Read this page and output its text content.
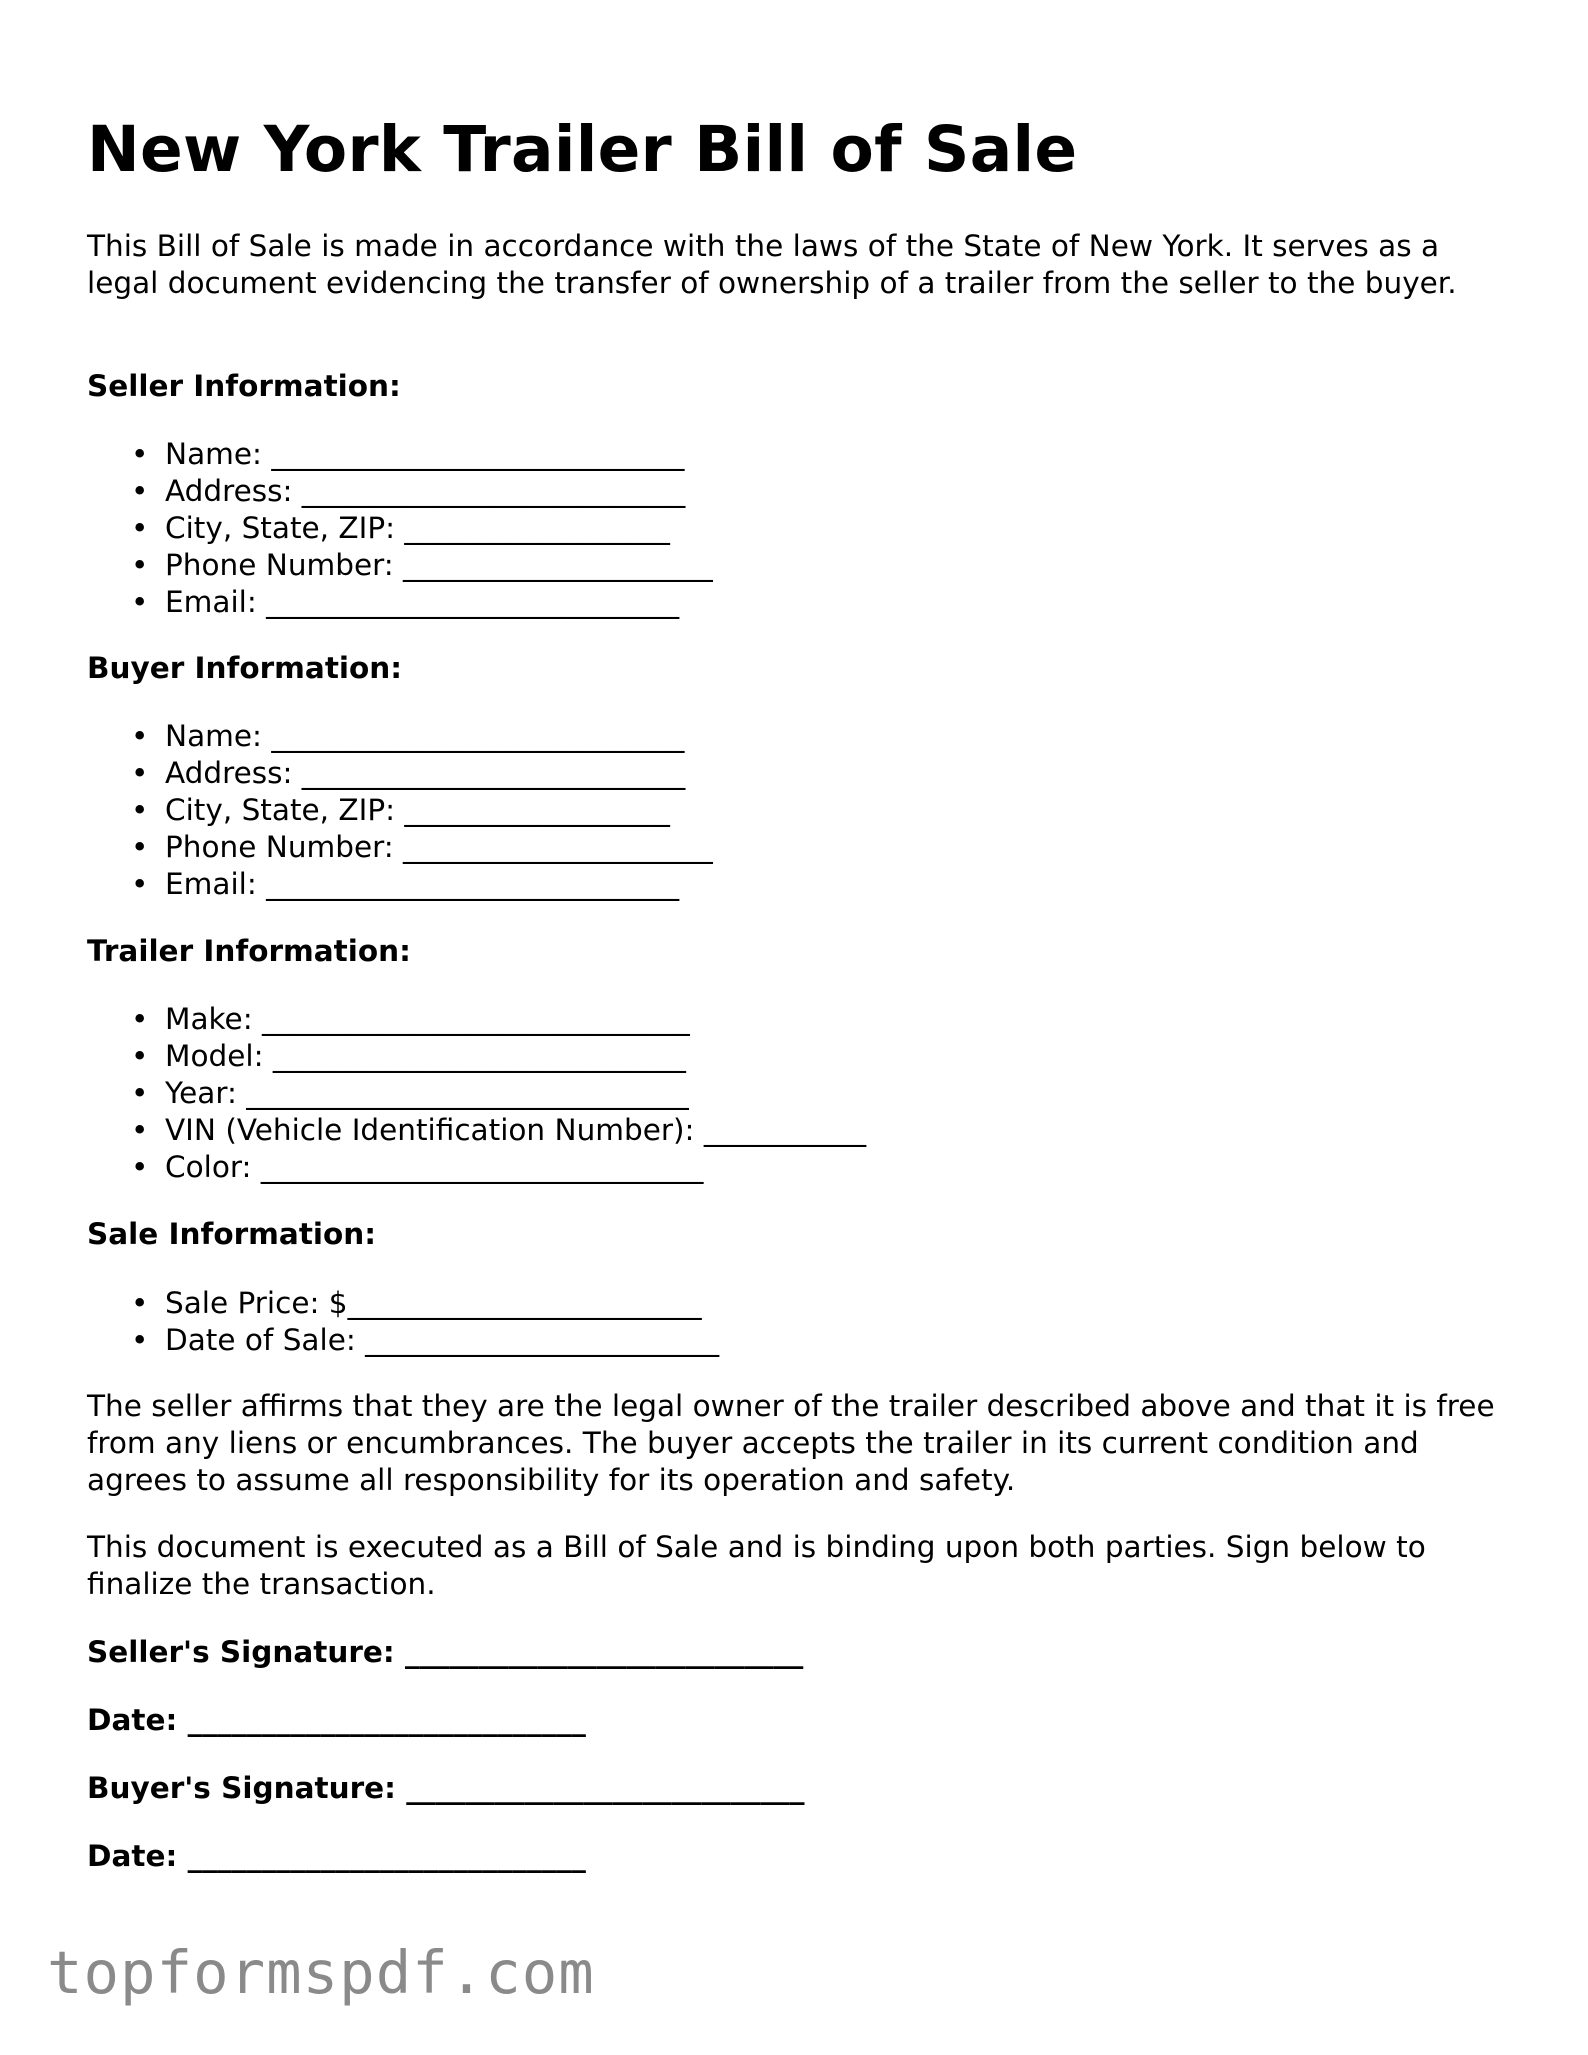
New York Trailer Bill of Sale

This Bill of Sale is made in accordance with the laws of the State of New York. It serves as a legal document evidencing the transfer of ownership of a trailer from the seller to the buyer.

Seller Information:

• Name: ____________________________
• Address: __________________________
• City, State, ZIP: __________________
• Phone Number: _____________________
• Email: ____________________________

Buyer Information:

• Name: ____________________________
• Address: __________________________
• City, State, ZIP: __________________
• Phone Number: _____________________
• Email: ____________________________

Trailer Information:

• Make: _____________________________
• Model: ____________________________
• Year: ______________________________
• VIN (Vehicle Identification Number): ___________
• Color: ______________________________

Sale Information:

• Sale Price: $________________________
• Date of Sale: ________________________

The seller affirms that they are the legal owner of the trailer described above and that it is free from any liens or encumbrances. The buyer accepts the trailer in its current condition and agrees to assume all responsibility for its operation and safety.

This document is executed as a Bill of Sale and is binding upon both parties. Sign below to finalize the transaction.

Seller's Signature: ___________________________

Date: ___________________________

Buyer's Signature: ___________________________

Date: ___________________________

topformspdf.com
